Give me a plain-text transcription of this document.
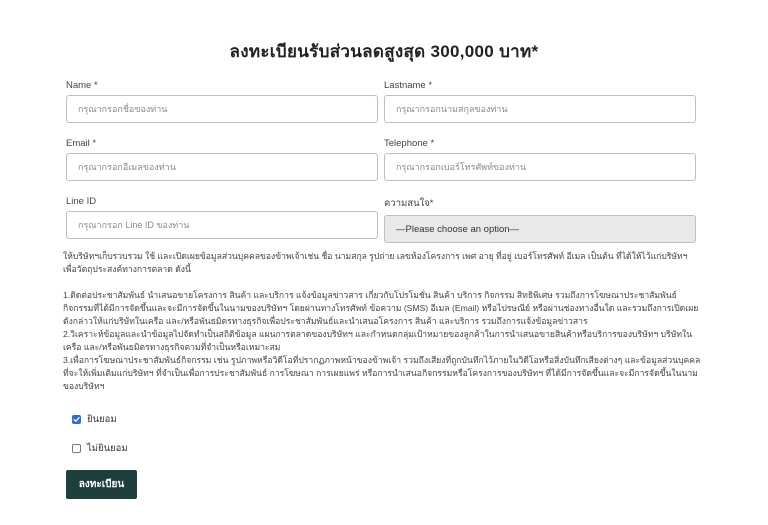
ลงทะเบียนรับส่วนลดสูงสุด 300,000 บาท*
Name *
กรุณากรอกชื่อของท่าน
Lastname *
กรุณากรอกนามสกุลของท่าน
Email *
กรุณากรอกอีเมลของท่าน
Telephone *
กรุณากรอกเบอร์โทรศัพท์ของท่าน
Line ID
กรุณากรอก Line ID ของท่าน
ความสนใจ*
—Please choose an option—

ให้บริษัทฯเก็บรวบรวม ใช้ และเปิดเผยข้อมูลส่วนบุคคลของข้าพเจ้าเช่น ชื่อ นามสกุล รูปถ่าย เลขห้องโครงการ เพศ อายุ ที่อยู่ เบอร์โทรศัพท์ อีเมล เป็นต้น ที่ได้ให้ไว้แก่บริษัทฯ เพื่อวัตถุประสงค์ทางการตลาด ดังนี้

1.ติดต่อประชาสัมพันธ์ นำเสนอขายโครงการ สินค้า และบริการ แจ้งข้อมูลข่าวสาร เกี่ยวกับโปรโมชั่น สินค้า บริการ กิจกรรม สิทธิพิเศษ รวมถึงการโฆษณาประชาสัมพันธ์กิจกรรมที่ได้มีการจัดขึ้นและจะมีการจัดขึ้นในนามของบริษัทฯ โดยผ่านทางโทรศัพท์ ข้อความ (SMS) อีเมล (Email) หรือไปรษณีย์ หรือผ่านช่องทางอื่นใด และรวมถึงการเปิดเผยดังกล่าวให้แก่บริษัทในเครือ และ/หรือพันธมิตรทางธุรกิจเพื่อประชาสัมพันธ์และนำเสนอโครงการ สินค้า และบริการ รวมถึงการแจ้งข้อมูลข่าวสาร

2.วิเคราะห์ข้อมูลและนำข้อมูลไปจัดทำเป็นสถิติข้อมูล แผนการตลาดของบริษัทฯ และกำหนดกลุ่มเป้าหมายของลูกค้าในการนำเสนอขายสินค้าหรือบริการของบริษัทฯ บริษัทในเครือ และ/หรือพันธมิตรทางธุรกิจตามที่จำเป็นหรือเหมาะสม

3.เพื่อการโฆษณาประชาสัมพันธ์กิจกรรม เช่น รูปภาพหรือวิดีโอที่ปรากฏภาพหน้าของข้าพเจ้า รวมถึงเสียงที่ถูกบันทึกไว้ภายในวิดีโอหรือสิ่งบันทึกเสียงต่างๆ และข้อมูลส่วนบุคคลที่จะให้เพิ่มเติมแก่บริษัทฯ ที่จำเป็นเพื่อการประชาสัมพันธ์ การโฆษณา การเผยแพร่ หรือการนำเสนอกิจกรรมหรือโครงการของบริษัทฯ ที่ได้มีการจัดขึ้นและจะมีการจัดขึ้นในนามของบริษัทฯ

ยินยอม
ไม่ยินยอม
ลงทะเบียน
